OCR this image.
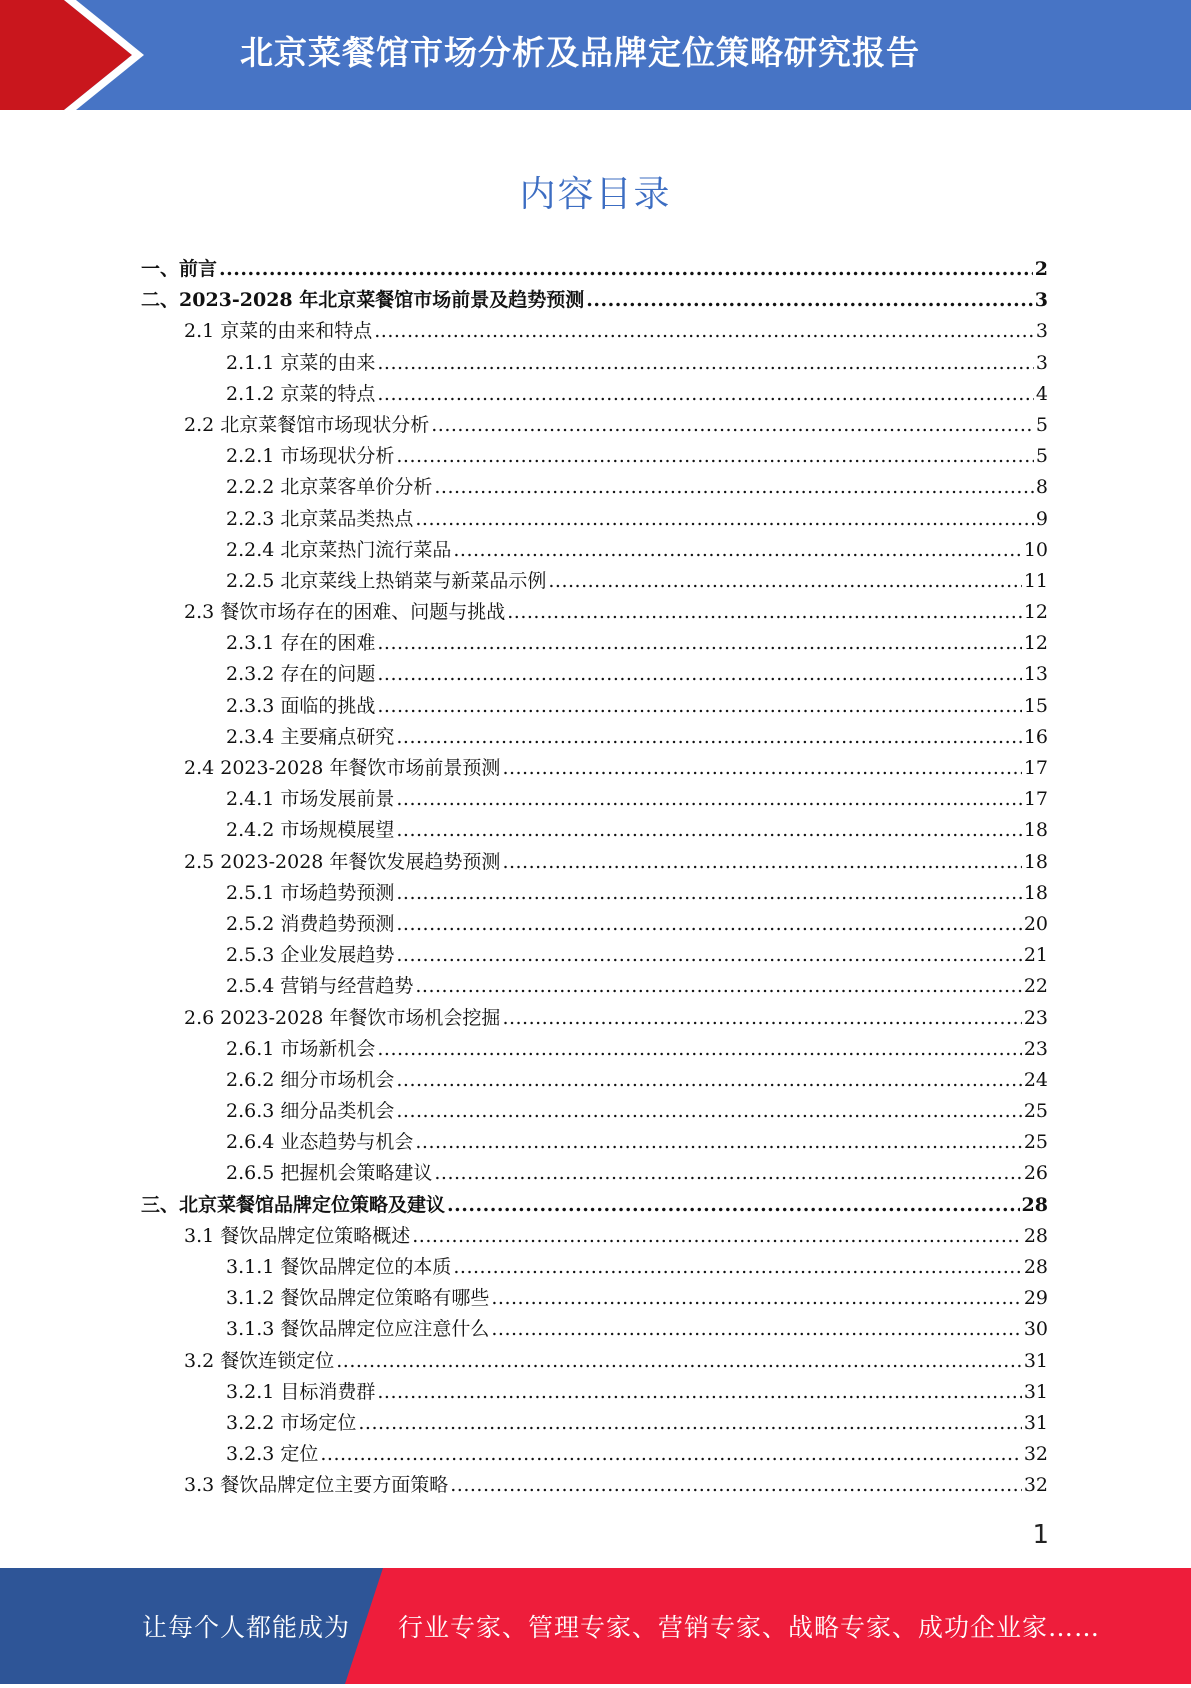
北京菜餐馆市场分析及品牌定位策略研究报告
内容目录
一、前言 .....	2
二、2023-2028 年北京菜餐馆市场前景及趋势预测 .....	3
2.1 京菜的由来和特点 .....	3
2.1.1 京菜的由来 .....	3
2.1.2 京菜的特点 .....	4
2.2 北京菜餐馆市场现状分析 .....	5
2.2.1 市场现状分析 .....	5
2.2.2 北京菜客单价分析 .....	8
2.2.3 北京菜品类热点 .....	9
2.2.4 北京菜热门流行菜品 .....	10
2.2.5 北京菜线上热销菜与新菜品示例 .....	11
2.3 餐饮市场存在的困难、问题与挑战 .....	12
2.3.1 存在的困难 .....	12
2.3.2 存在的问题 .....	13
2.3.3 面临的挑战 .....	15
2.3.4 主要痛点研究 .....	16
2.4 2023-2028 年餐饮市场前景预测 .....	17
2.4.1 市场发展前景 .....	17
2.4.2 市场规模展望 .....	18
2.5 2023-2028 年餐饮发展趋势预测 .....	18
2.5.1 市场趋势预测 .....	18
2.5.2 消费趋势预测 .....	20
2.5.3 企业发展趋势 .....	21
2.5.4 营销与经营趋势 .....	22
2.6 2023-2028 年餐饮市场机会挖掘 .....	23
2.6.1 市场新机会 .....	23
2.6.2 细分市场机会 .....	24
2.6.3 细分品类机会 .....	25
2.6.4 业态趋势与机会 .....	25
2.6.5 把握机会策略建议 .....	26
三、北京菜餐馆品牌定位策略及建议 .....	28
3.1 餐饮品牌定位策略概述 .....	28
3.1.1 餐饮品牌定位的本质 .....	28
3.1.2 餐饮品牌定位策略有哪些 .....	29
3.1.3 餐饮品牌定位应注意什么 .....	30
3.2 餐饮连锁定位 .....	31
3.2.1 目标消费群 .....	31
3.2.2 市场定位 .....	31
3.2.3 定位 .....	32
3.3 餐饮品牌定位主要方面策略 .....	32
1
让每个人都能成为 行业专家、管理专家、营销专家、战略专家、成功企业家……
